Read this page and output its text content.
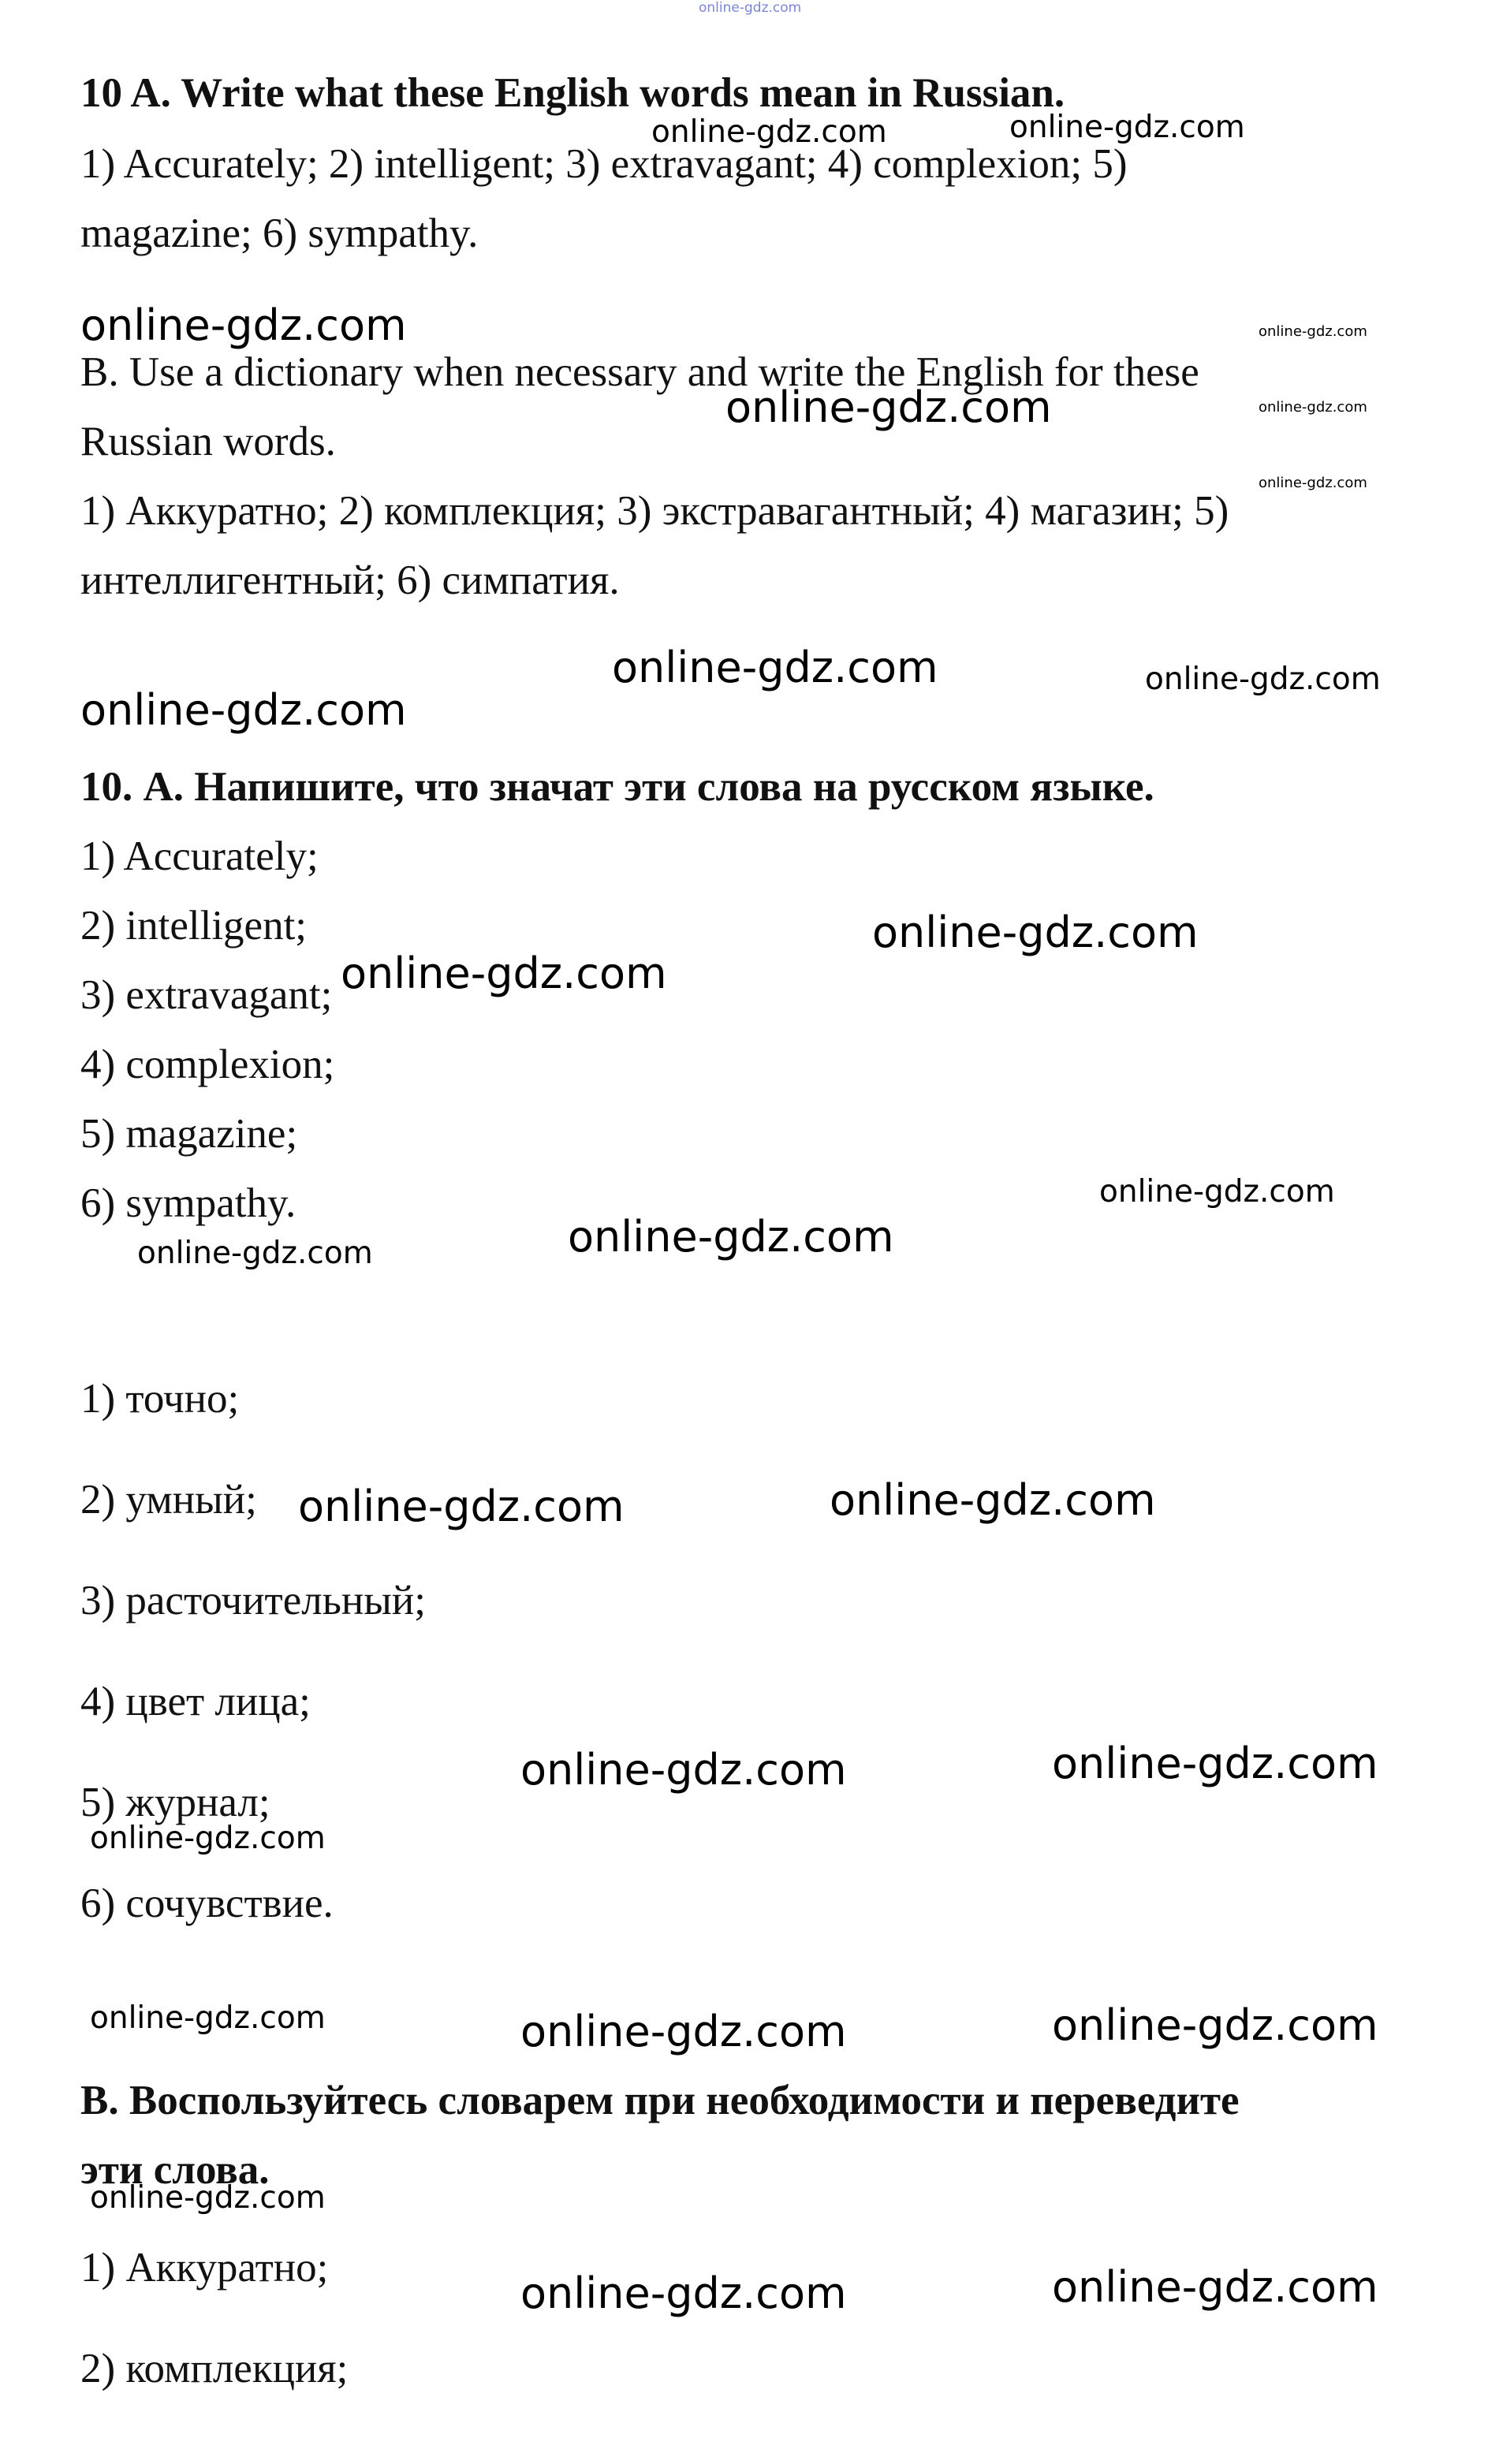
online-gdz.com
10 A. Write what these English words mean in Russian.

1) Accurately; 2) intelligent; 3) extravagant; 4) complexion; 5)

magazine; 6) sympathy.

B. Use a dictionary when necessary and write the English for these

Russian words.

1) Аккуратно; 2) комплекция; 3) экстравагантный; 4) магазин; 5)

интеллигентный; 6) симпатия.

10. А. Напишите, что значат эти слова на русском языке.

1) Accurately;

2) intelligent;

3) extravagant;

4) complexion;

5) magazine;

6) sympathy.

1) точно;

2) умный;

3) расточительный;

4) цвет лица;

5) журнал;

6) сочувствие.

В. Воспользуйтесь словарем при необходимости и переведите
эти слова.

1) Аккуратно;

2) комплекция;

online-gdz.com	online-gdz.com
online-gdz.com	online-gdz.com
online-gdz.com	online-gdz.com
online-gdz.com
online-gdz.com	online-gdz.com
online-gdz.com
online-gdz.com
online-gdz.com
online-gdz.com
online-gdz.com
online-gdz.com
online-gdz.com
online-gdz.com
online-gdz.com
online-gdz.com
online-gdz.com
online-gdz.com	online-gdz.com
online-gdz.com
online-gdz.com
online-gdz.com
online-gdz.com
